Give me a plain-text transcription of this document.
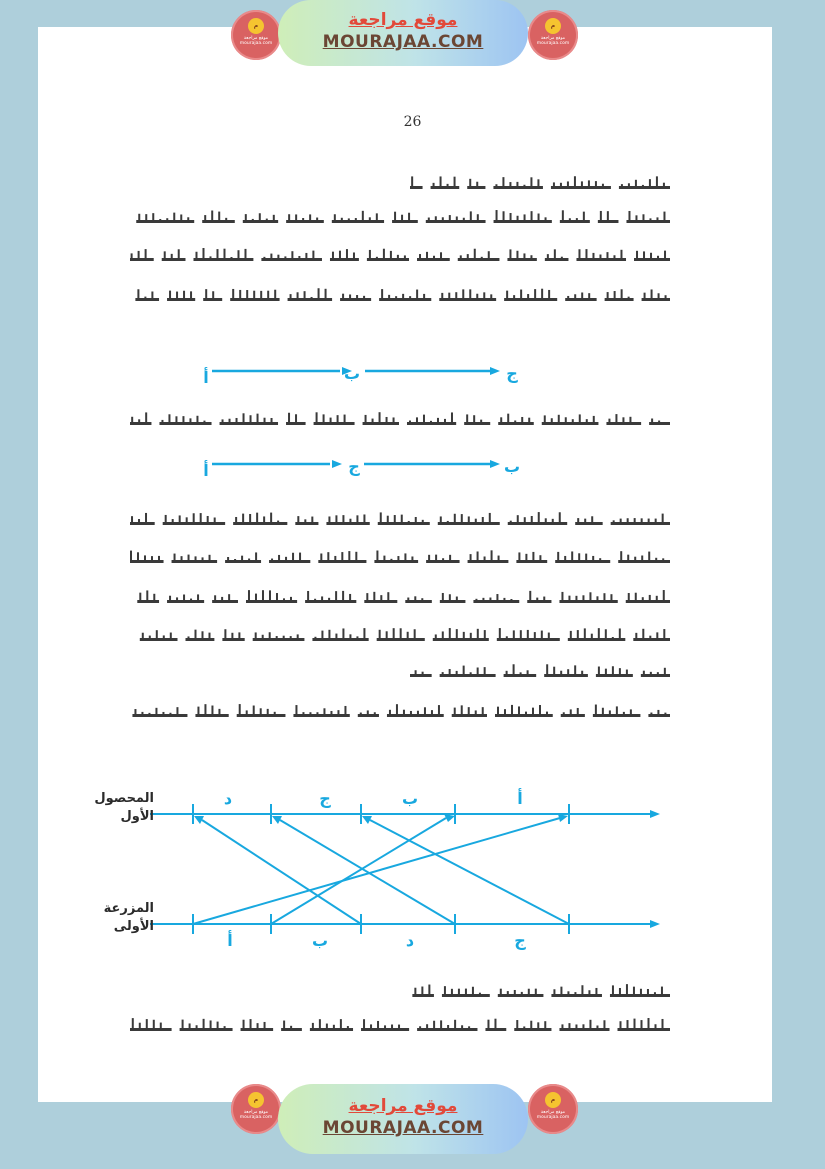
م
موقع مراجعة
mourajaa.com
موقع مراجعة
MOURAJAA.COM
م
موقع مراجعة
mourajaa.com
26
أ	ب	ج
أ	ج	ب
أ
ب
ج
د
أ	ب	د	ج
المحصول
الأول
المزرعة
الأولى
م
موقع مراجعة
mourajaa.com
موقع مراجعة
MOURAJAA.COM
م
موقع مراجعة
mourajaa.com
